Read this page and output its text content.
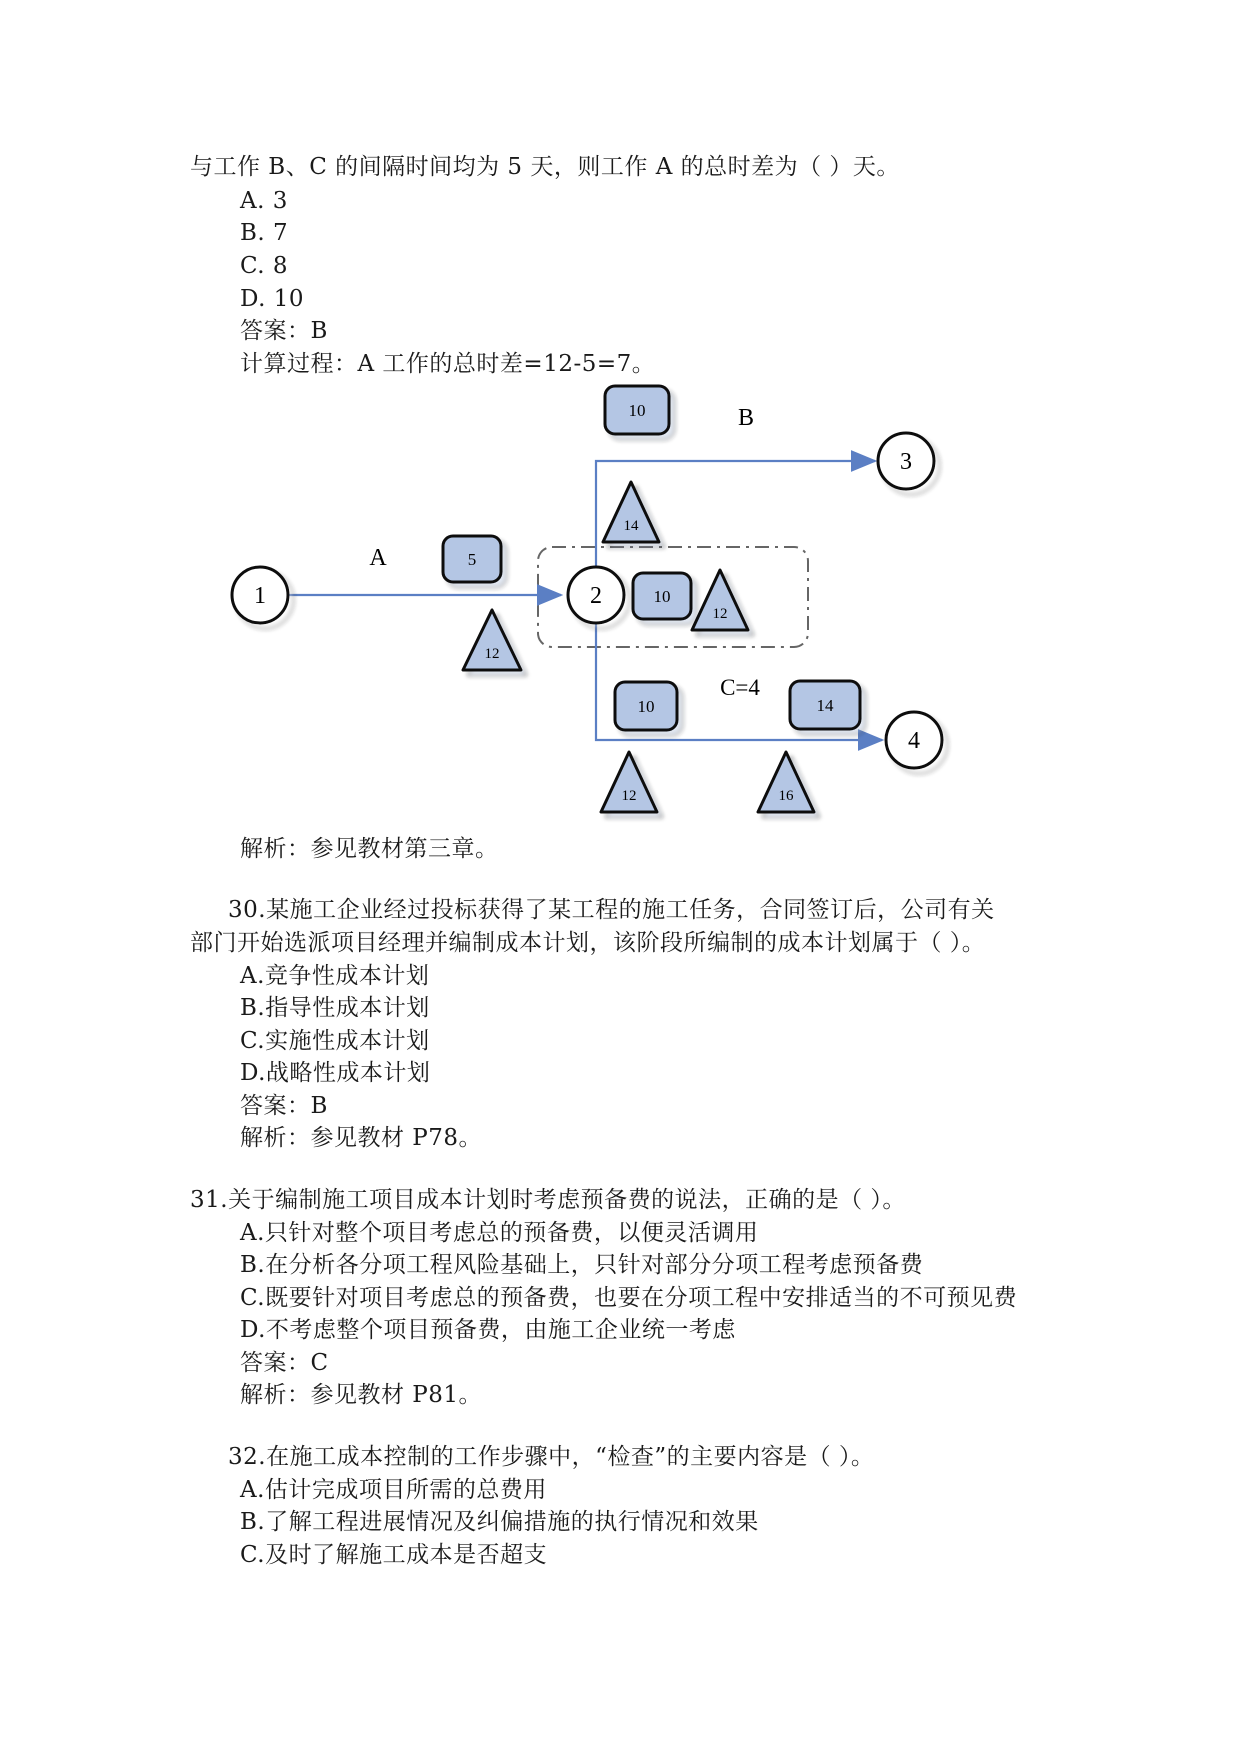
与工作 B、C 的间隔时间均为 5 天，则工作 A 的总时差为（ ）天。
A. 3
B. 7
C. 8
D. 10
答案：B
计算过程：A 工作的总时差=12-5=7。
1	2
3
4
A
B
C=4
5
10
10
10	14
12
12
14
12	16
解析：参见教材第三章。
30.某施工企业经过投标获得了某工程的施工任务，合同签订后，公司有关
部门开始选派项目经理并编制成本计划，该阶段所编制的成本计划属于（ ）。
A.竞争性成本计划
B.指导性成本计划
C.实施性成本计划
D.战略性成本计划
答案：B
解析：参见教材 P78。
31.关于编制施工项目成本计划时考虑预备费的说法，正确的是（ ）。
A.只针对整个项目考虑总的预备费，以便灵活调用
B.在分析各分项工程风险基础上，只针对部分分项工程考虑预备费
C.既要针对项目考虑总的预备费，也要在分项工程中安排适当的不可预见费
D.不考虑整个项目预备费，由施工企业统一考虑
答案：C
解析：参见教材 P81。
32.在施工成本控制的工作步骤中，“检查”的主要内容是（ ）。
A.估计完成项目所需的总费用
B.了解工程进展情况及纠偏措施的执行情况和效果
C.及时了解施工成本是否超支
